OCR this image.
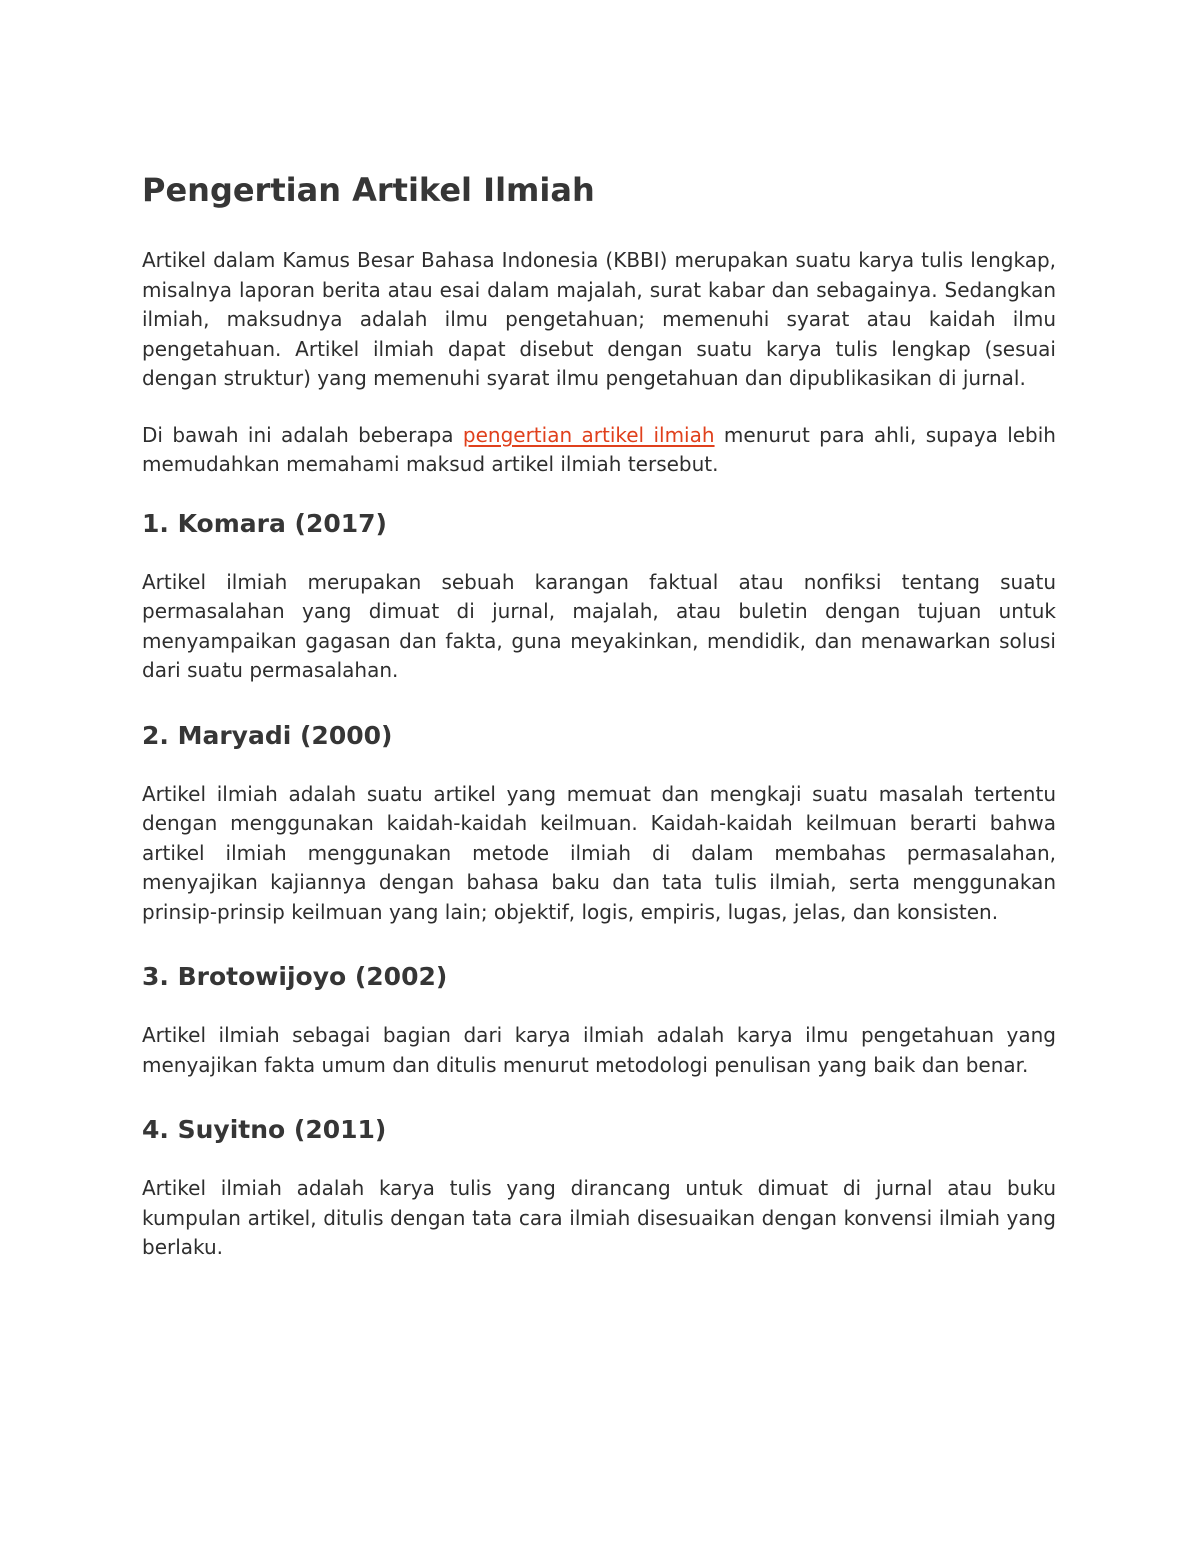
Pengertian Artikel Ilmiah

Artikel dalam Kamus Besar Bahasa Indonesia (KBBI) merupakan suatu karya tulis lengkap, misalnya laporan berita atau esai dalam majalah, surat kabar dan sebagainya. Sedangkan ilmiah, maksudnya adalah ilmu pengetahuan; memenuhi syarat atau kaidah ilmu pengetahuan. Artikel ilmiah dapat disebut dengan suatu karya tulis lengkap (sesuai dengan struktur) yang memenuhi syarat ilmu pengetahuan dan dipublikasikan di jurnal.

Di bawah ini adalah beberapa pengertian artikel ilmiah menurut para ahli, supaya lebih memudahkan memahami maksud artikel ilmiah tersebut.

1. Komara (2017)

Artikel ilmiah merupakan sebuah karangan faktual atau nonfiksi tentang suatu permasalahan yang dimuat di jurnal, majalah, atau buletin dengan tujuan untuk menyampaikan gagasan dan fakta, guna meyakinkan, mendidik, dan menawarkan solusi dari suatu permasalahan.

2. Maryadi (2000)

Artikel ilmiah adalah suatu artikel yang memuat dan mengkaji suatu masalah tertentu dengan menggunakan kaidah-kaidah keilmuan. Kaidah-kaidah keilmuan berarti bahwa artikel ilmiah menggunakan metode ilmiah di dalam membahas permasalahan, menyajikan kajiannya dengan bahasa baku dan tata tulis ilmiah, serta menggunakan prinsip-prinsip keilmuan yang lain; objektif, logis, empiris, lugas, jelas, dan konsisten.

3. Brotowijoyo (2002)

Artikel ilmiah sebagai bagian dari karya ilmiah adalah karya ilmu pengetahuan yang menyajikan fakta umum dan ditulis menurut metodologi penulisan yang baik dan benar.

4. Suyitno (2011)

Artikel ilmiah adalah karya tulis yang dirancang untuk dimuat di jurnal atau buku kumpulan artikel, ditulis dengan tata cara ilmiah disesuaikan dengan konvensi ilmiah yang berlaku.
